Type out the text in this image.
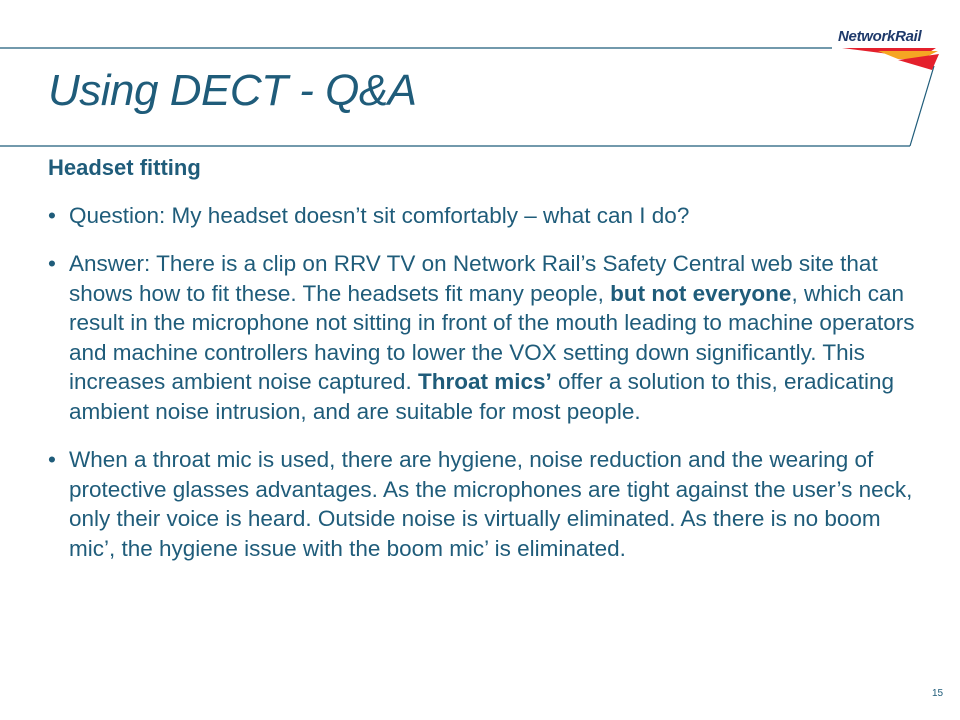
NetworkRail
Using DECT - Q&A
Headset fitting
• Question: My headset doesn’t sit comfortably – what can I do?
• Answer: There is a clip on RRV TV on Network Rail’s Safety Central web site that shows how to fit these. The headsets fit many people, but not everyone, which can result in the microphone not sitting in front of the mouth leading to machine operators and machine controllers having to lower the VOX setting down significantly. This increases ambient noise captured. Throat mics’ offer a solution to this, eradicating ambient noise intrusion, and are suitable for most people.
• When a throat mic is used, there are hygiene, noise reduction and the wearing of protective glasses advantages. As the microphones are tight against the user’s neck, only their voice is heard. Outside noise is virtually eliminated. As there is no boom mic’, the hygiene issue with the boom mic’ is eliminated.
15
